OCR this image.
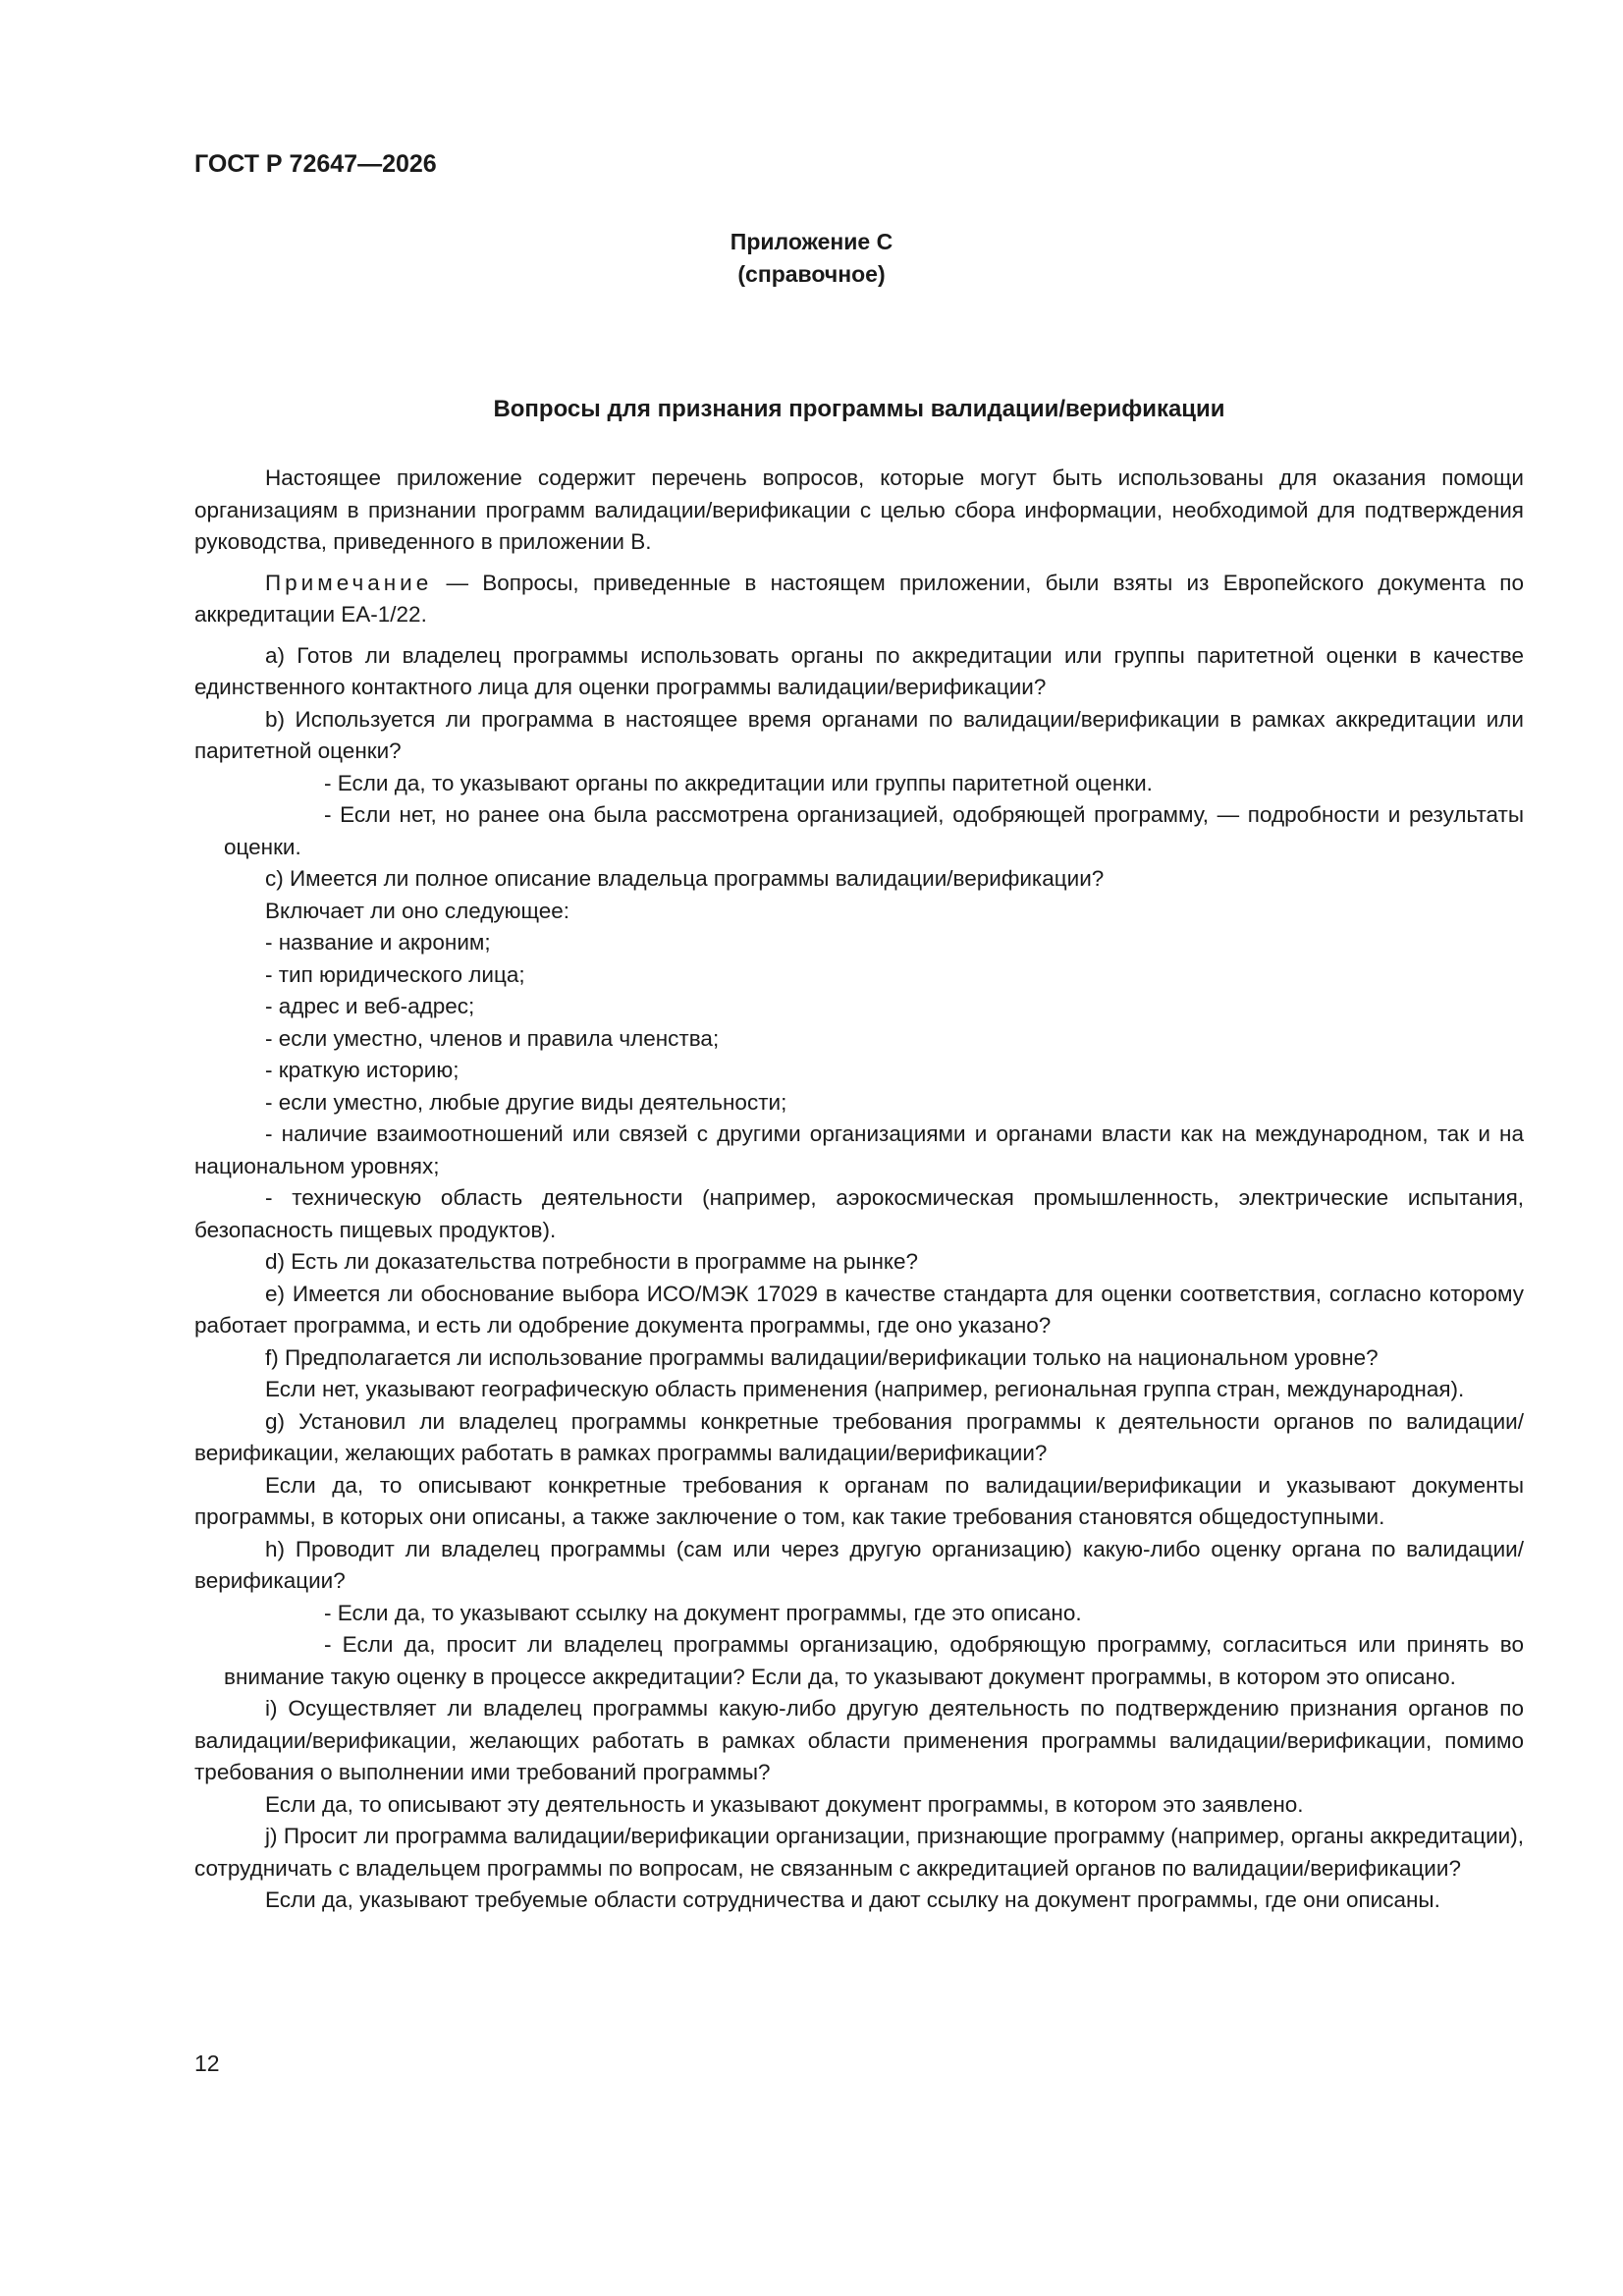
ГОСТ Р 72647—2026
Приложение С
(справочное)
Вопросы для признания программы валидации/верификации

Настоящее приложение содержит перечень вопросов, которые могут быть использованы для оказания помощи организациям в признании программ валидации/верификации с целью сбора информации, необходимой для подтверждения руководства, приведенного в приложении В.

Примечание — Вопросы, приведенные в настоящем приложении, были взяты из Европейского документа по аккредитации ЕА-1/22.

а) Готов ли владелец программы использовать органы по аккредитации или группы паритетной оценки в качестве единственного контактного лица для оценки программы валидации/верификации?

b) Используется ли программа в настоящее время органами по валидации/верификации в рамках аккредитации или паритетной оценки?

- Если да, то указывают органы по аккредитации или группы паритетной оценки.

- Если нет, но ранее она была рассмотрена организацией, одобряющей программу, — подробности и результаты оценки.

с) Имеется ли полное описание владельца программы валидации/верификации?

Включает ли оно следующее:

- название и акроним;

- тип юридического лица;

- адрес и веб-адрес;

- если уместно, членов и правила членства;

- краткую историю;

- если уместно, любые другие виды деятельности;

- наличие взаимоотношений или связей с другими организациями и органами власти как на международном, так и на национальном уровнях;

- техническую область деятельности (например, аэрокосмическая промышленность, электрические испытания, безопасность пищевых продуктов).

d) Есть ли доказательства потребности в программе на рынке?

е) Имеется ли обоснование выбора ИСО/МЭК 17029 в качестве стандарта для оценки соответствия, согласно которому работает программа, и есть ли одобрение документа программы, где оно указано?

f) Предполагается ли использование программы валидации/верификации только на национальном уровне?

Если нет, указывают географическую область применения (например, региональная группа стран, международная).

g) Установил ли владелец программы конкретные требования программы к деятельности органов по валидации/верификации, желающих работать в рамках программы валидации/верификации?

Если да, то описывают конкретные требования к органам по валидации/верификации и указывают документы программы, в которых они описаны, а также заключение о том, как такие требования становятся общедоступными.

h) Проводит ли владелец программы (сам или через другую организацию) какую-либо оценку органа по валидации/верификации?

- Если да, то указывают ссылку на документ программы, где это описано.

- Если да, просит ли владелец программы организацию, одобряющую программу, согласиться или принять во внимание такую оценку в процессе аккредитации? Если да, то указывают документ программы, в котором это описано.

i) Осуществляет ли владелец программы какую-либо другую деятельность по подтверждению признания органов по валидации/верификации, желающих работать в рамках области применения программы валидации/верификации, помимо требования о выполнении ими требований программы?

Если да, то описывают эту деятельность и указывают документ программы, в котором это заявлено.

j) Просит ли программа валидации/верификации организации, признающие программу (например, органы аккредитации), сотрудничать с владельцем программы по вопросам, не связанным с аккредитацией органов по валидации/верификации?

Если да, указывают требуемые области сотрудничества и дают ссылку на документ программы, где они описаны.

12
